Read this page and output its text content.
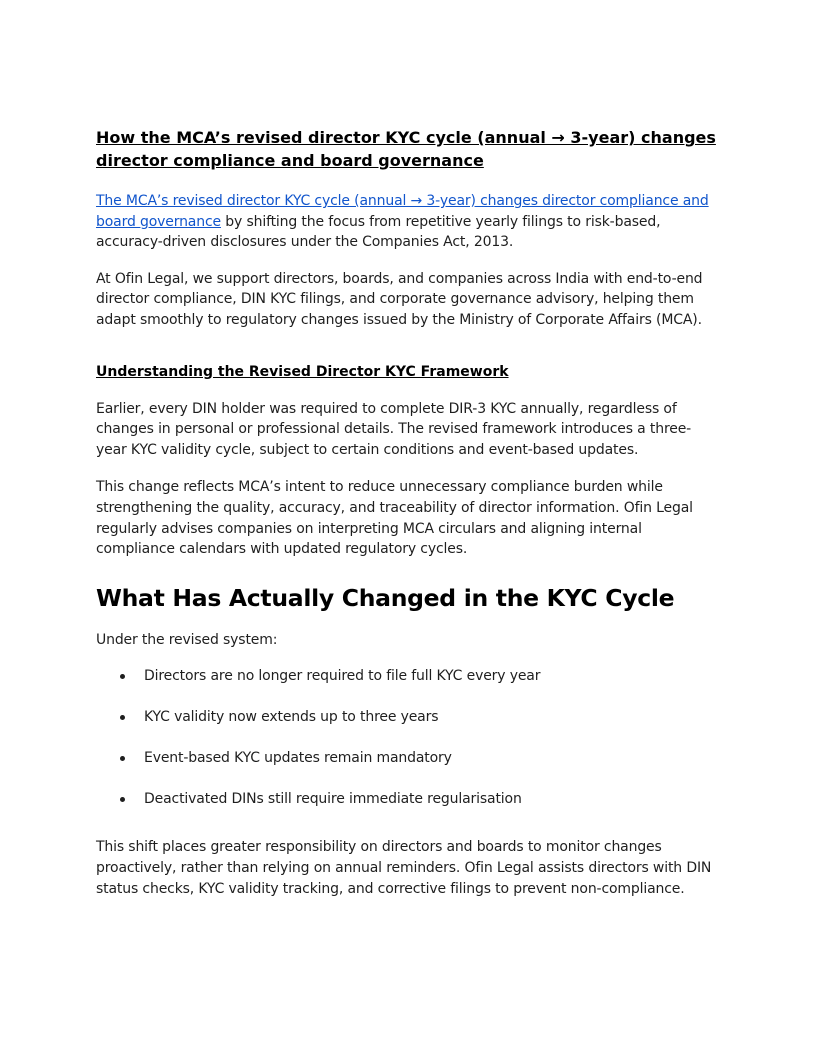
How the MCA’s revised director KYC cycle (annual → 3-year) changes director compliance and board governance

The MCA’s revised director KYC cycle (annual → 3-year) changes director compliance and board governance by shifting the focus from repetitive yearly filings to risk-based, accuracy-driven disclosures under the Companies Act, 2013.

At Ofin Legal, we support directors, boards, and companies across India with end-to-end director compliance, DIN KYC filings, and corporate governance advisory, helping them adapt smoothly to regulatory changes issued by the Ministry of Corporate Affairs (MCA).

Understanding the Revised Director KYC Framework

Earlier, every DIN holder was required to complete DIR-3 KYC annually, regardless of changes in personal or professional details. The revised framework introduces a three-year KYC validity cycle, subject to certain conditions and event-based updates.

This change reflects MCA’s intent to reduce unnecessary compliance burden while strengthening the quality, accuracy, and traceability of director information. Ofin Legal regularly advises companies on interpreting MCA circulars and aligning internal compliance calendars with updated regulatory cycles.

What Has Actually Changed in the KYC Cycle

Under the revised system:

Directors are no longer required to file full KYC every year
KYC validity now extends up to three years
Event-based KYC updates remain mandatory
Deactivated DINs still require immediate regularisation

This shift places greater responsibility on directors and boards to monitor changes proactively, rather than relying on annual reminders. Ofin Legal assists directors with DIN status checks, KYC validity tracking, and corrective filings to prevent non-compliance.
